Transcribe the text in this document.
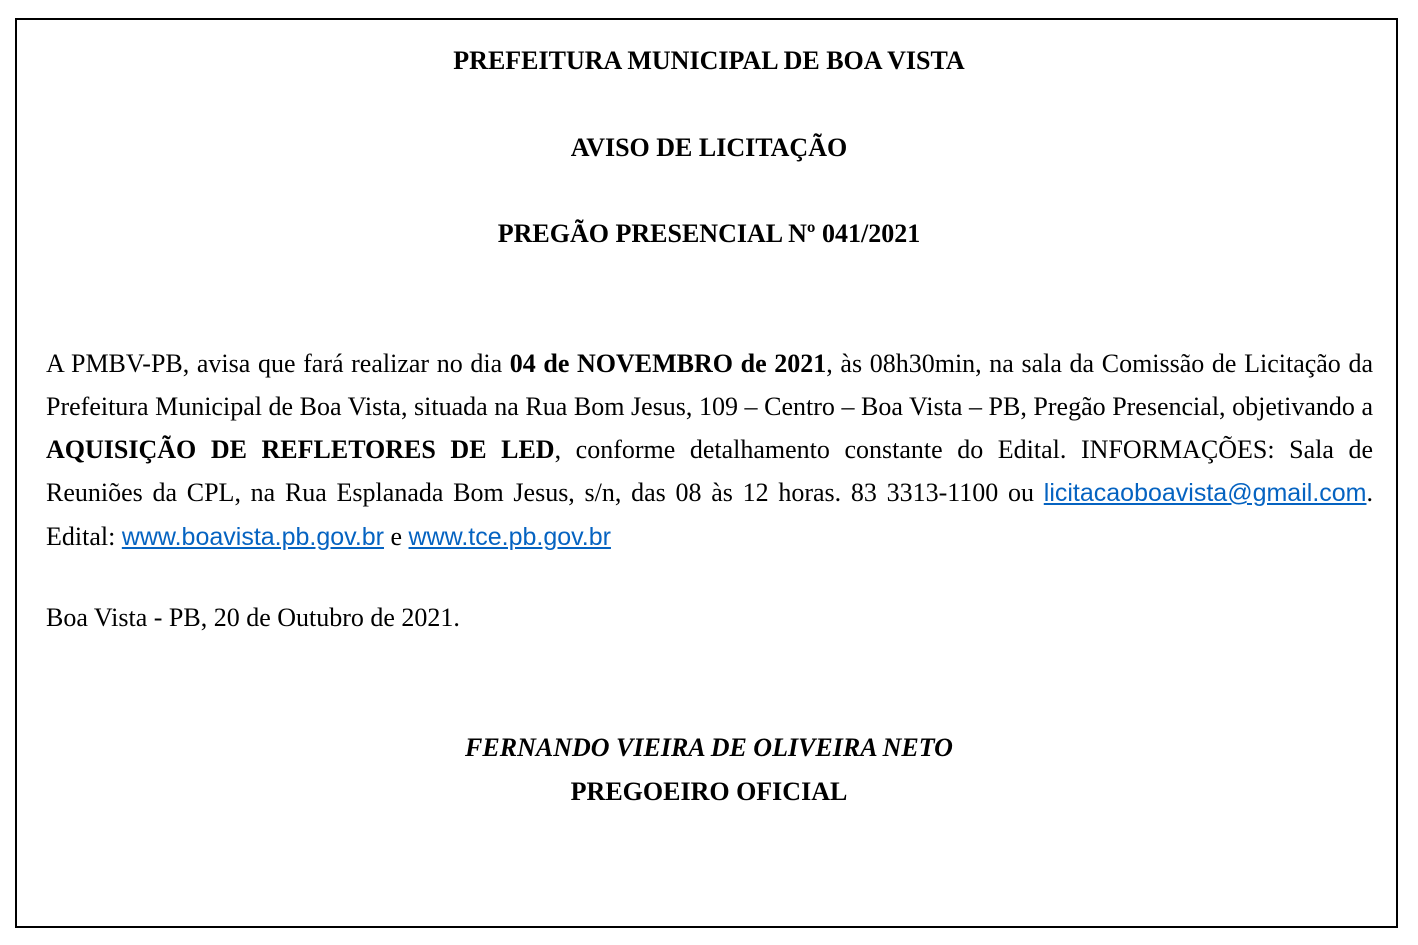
PREFEITURA MUNICIPAL DE BOA VISTA

AVISO DE LICITAÇÃO

PREGÃO PRESENCIAL Nº 041/2021

A PMBV-PB, avisa que fará realizar no dia 04 de NOVEMBRO de 2021, às 08h30min, na sala da Comissão de Licitação da Prefeitura Municipal de Boa Vista, situada na Rua Bom Jesus, 109 – Centro – Boa Vista – PB, Pregão Presencial, objetivando a AQUISIÇÃO DE REFLETORES DE LED, conforme detalhamento constante do Edital. INFORMAÇÕES: Sala de Reuniões da CPL, na Rua Esplanada Bom Jesus, s/n, das 08 às 12 horas. 83 3313-1100 ou licitacaoboavista@gmail.com. Edital: www.boavista.pb.gov.br e www.tce.pb.gov.br

Boa Vista - PB, 20 de Outubro de 2021.

FERNANDO VIEIRA DE OLIVEIRA NETO

PREGOEIRO OFICIAL
